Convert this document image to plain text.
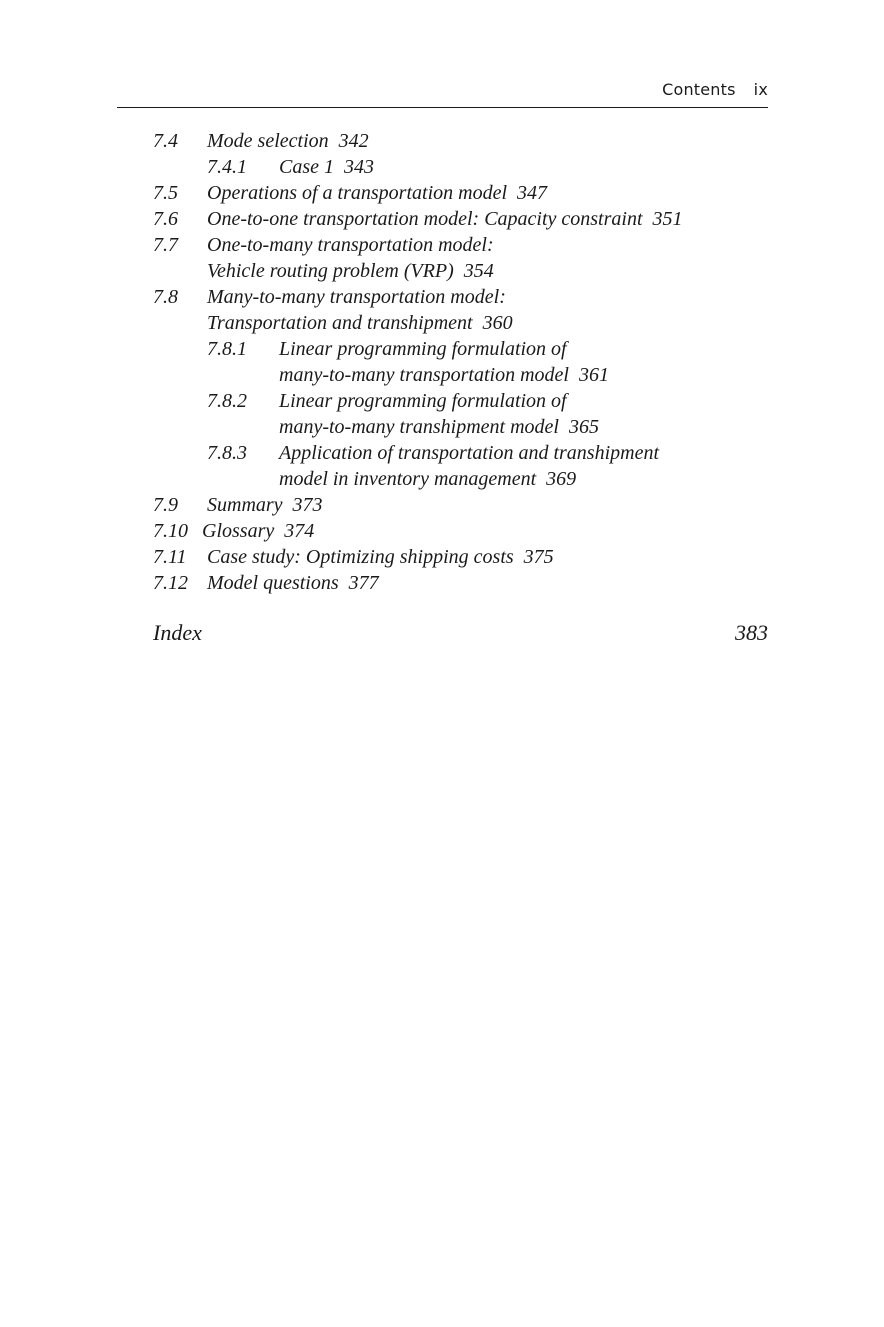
Contents ix
7.4 Mode selection 342
7.4.1 Case 1 343
7.5 Operations of a transportation model 347
7.6 One-to-one transportation model: Capacity constraint 351
7.7 One-to-many transportation model:
Vehicle routing problem (VRP) 354
7.8 Many-to-many transportation model:
Transportation and transhipment 360
7.8.1 Linear programming formulation of
many-to-many transportation model 361
7.8.2 Linear programming formulation of
many-to-many transhipment model 365
7.8.3 Application of transportation and transhipment
model in inventory management 369
7.9 Summary 373
7.10 Glossary 374
7.11 Case study: Optimizing shipping costs 375
7.12 Model questions 377
Index	383
